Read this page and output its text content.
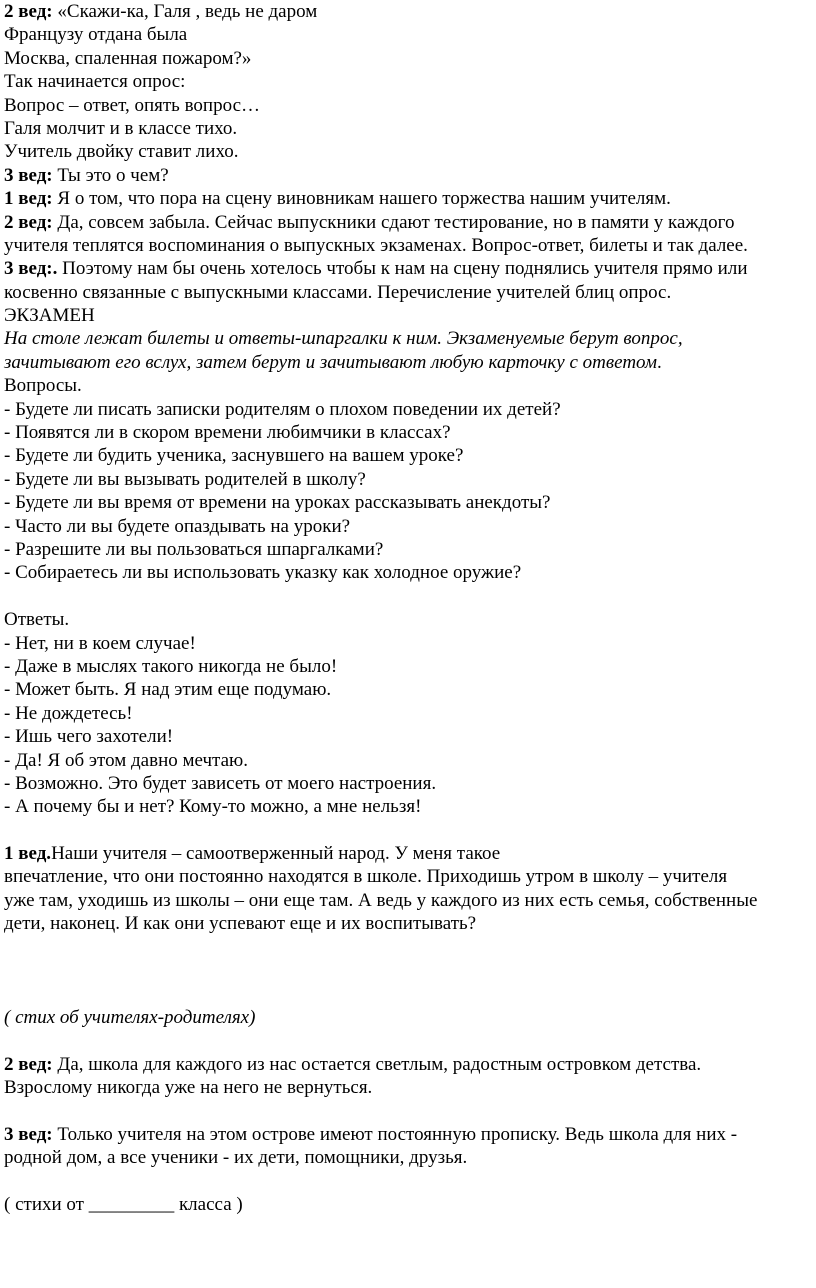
2 вед: «Скажи-ка, Галя , ведь не даром
Французу отдана была
Москва, спаленная пожаром?»
Так начинается опрос:
Вопрос – ответ, опять вопрос…
Галя молчит и в классе тихо.
Учитель двойку ставит лихо.
3 вед: Ты это о чем?
1 вед: Я о том, что пора на сцену виновникам нашего торжества нашим учителям.
2 вед: Да, совсем забыла. Сейчас выпускники сдают тестирование, но в памяти у каждого
учителя теплятся воспоминания о выпускных экзаменах. Вопрос-ответ, билеты и так далее.
3 вед:. Поэтому нам бы очень хотелось чтобы к нам на сцену поднялись учителя прямо или
косвенно связанные с выпускными классами. Перечисление учителей блиц опрос.
ЭКЗАМЕН
На столе лежат билеты и ответы-шпаргалки к ним. Экзаменуемые берут вопрос,
зачитывают его вслух, затем берут и зачитывают любую карточку с ответом.
Вопросы.
- Будете ли писать записки родителям о плохом поведении их детей?
- Появятся ли в скором времени любимчики в классах?
- Будете ли будить ученика, заснувшего на вашем уроке?
- Будете ли вы вызывать родителей в школу?
- Будете ли вы время от времени на уроках рассказывать анекдоты?
- Часто ли вы будете опаздывать на уроки?
- Разрешите ли вы пользоваться шпаргалками?
- Собираетесь ли вы использовать указку как холодное оружие?
Ответы.
- Нет, ни в коем случае!
- Даже в мыслях такого никогда не было!
- Может быть. Я над этим еще подумаю.
- Не дождетесь!
- Ишь чего захотели!
- Да! Я об этом давно мечтаю.
- Возможно. Это будет зависеть от моего настроения.
- А почему бы и нет? Кому-то можно, а мне нельзя!
1 вед.Наши учителя – самоотверженный народ. У меня такое
впечатление, что они постоянно находятся в школе. Приходишь утром в школу – учителя
уже там, уходишь из школы – они еще там. А ведь у каждого из них есть семья, собственные
дети, наконец. И как они успевают еще и их воспитывать?
( стих об учителях-родителях)
2 вед: Да, школа для каждого из нас остается светлым, радостным островком детства.
Взрослому никогда уже на него не вернуться.
3 вед: Только учителя на этом острове имеют постоянную прописку. Ведь школа для них -
родной дом, а все ученики - их дети, помощники, друзья.
( стихи от _________ класса )
